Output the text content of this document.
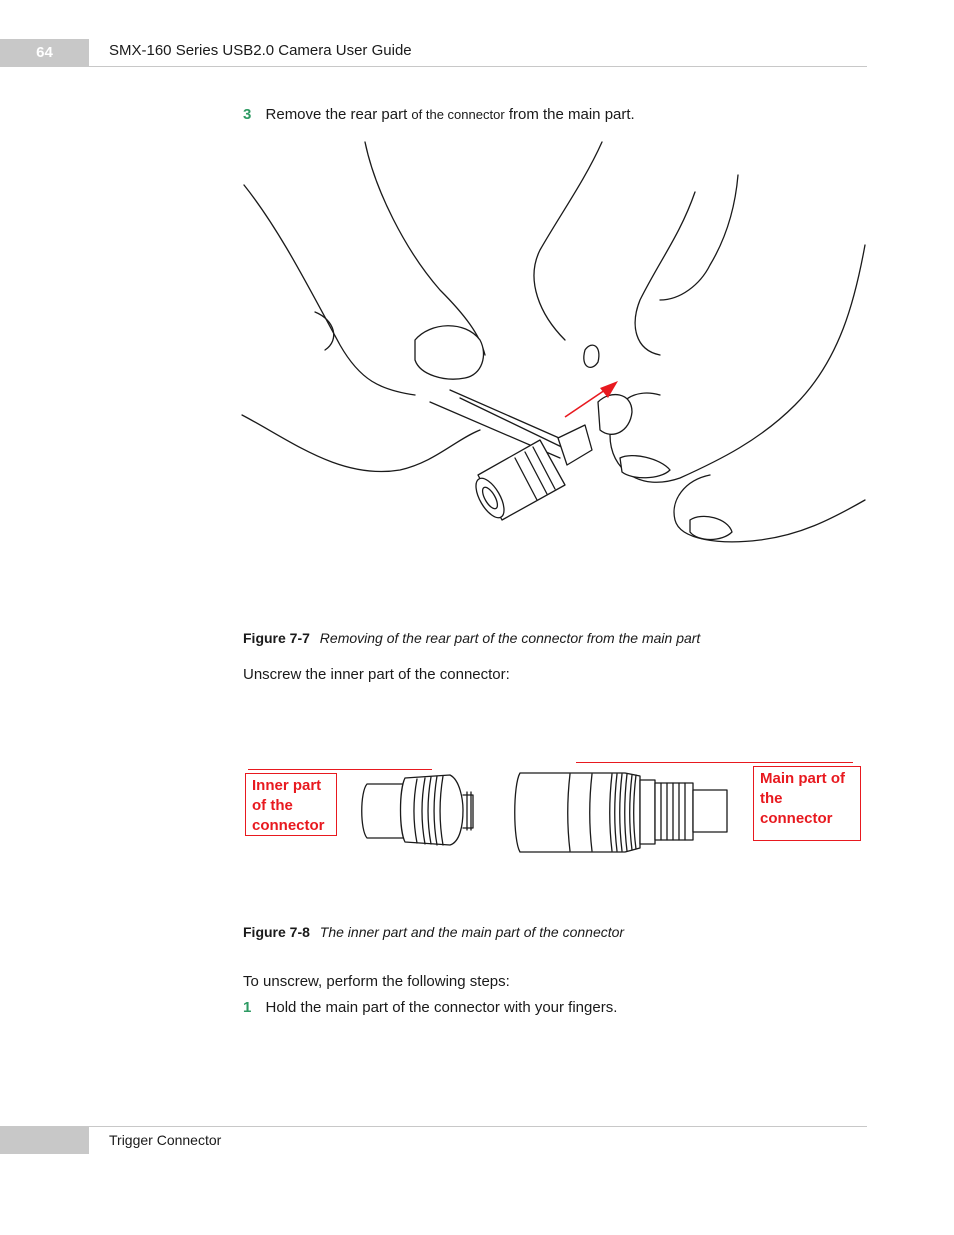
64	SMX-160 Series USB2.0 Camera User Guide
3 Remove the rear part of the connector from the main part.
Figure 7-7 Removing of the rear part of the connector from the main part
Unscrew the inner part of the connector:
Inner part
of the
connector
Main part of
the
connector
Figure 7-8 The inner part and the main part of the connector
To unscrew, perform the following steps:
1 Hold the main part of the connector with your fingers.
Trigger Connector
